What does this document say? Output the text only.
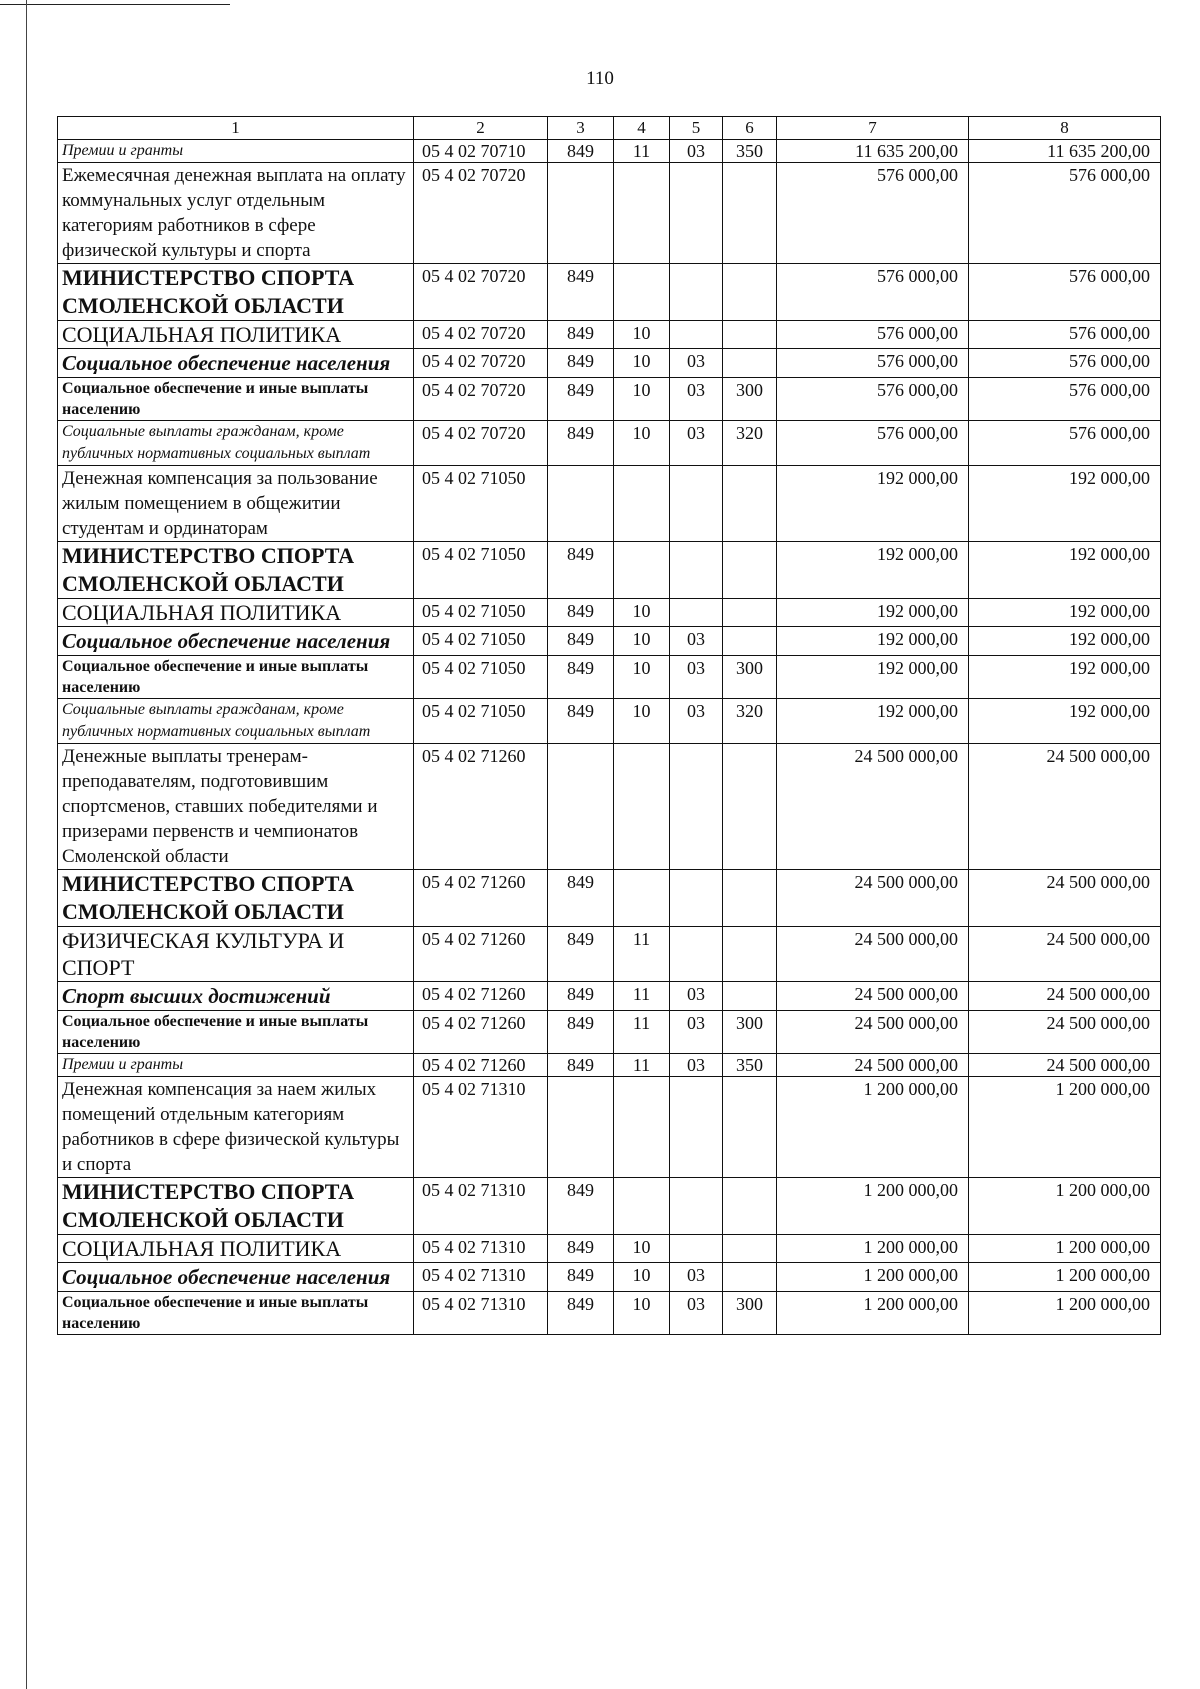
110
1	2	3	4	5	6	7	8
Премии и гранты	05 4 02 70710	849	11	03	350	11 635 200,00	11 635 200,00
Ежемесячная денежная выплата на оплату коммунальных услуг отдельным категориям работников в сфере физической культуры и спорта	05 4 02 70720					576 000,00	576 000,00
МИНИСТЕРСТВО СПОРТА СМОЛЕНСКОЙ ОБЛАСТИ	05 4 02 70720	849				576 000,00	576 000,00
СОЦИАЛЬНАЯ ПОЛИТИКА	05 4 02 70720	849	10			576 000,00	576 000,00
Социальное обеспечение населения	05 4 02 70720	849	10	03		576 000,00	576 000,00
Социальное обеспечение и иные выплаты населению	05 4 02 70720	849	10	03	300	576 000,00	576 000,00
Социальные выплаты гражданам, кроме публичных нормативных социальных выплат	05 4 02 70720	849	10	03	320	576 000,00	576 000,00
Денежная компенсация за пользование жилым помещением в общежитии студентам и ординаторам	05 4 02 71050					192 000,00	192 000,00
МИНИСТЕРСТВО СПОРТА СМОЛЕНСКОЙ ОБЛАСТИ	05 4 02 71050	849				192 000,00	192 000,00
СОЦИАЛЬНАЯ ПОЛИТИКА	05 4 02 71050	849	10			192 000,00	192 000,00
Социальное обеспечение населения	05 4 02 71050	849	10	03		192 000,00	192 000,00
Социальное обеспечение и иные выплаты населению	05 4 02 71050	849	10	03	300	192 000,00	192 000,00
Социальные выплаты гражданам, кроме публичных нормативных социальных выплат	05 4 02 71050	849	10	03	320	192 000,00	192 000,00
Денежные выплаты тренерам-преподавателям, подготовившим спортсменов, ставших победителями и призерами первенств и чемпионатов Смоленской области	05 4 02 71260					24 500 000,00	24 500 000,00
МИНИСТЕРСТВО СПОРТА СМОЛЕНСКОЙ ОБЛАСТИ	05 4 02 71260	849				24 500 000,00	24 500 000,00
ФИЗИЧЕСКАЯ КУЛЬТУРА И СПОРТ	05 4 02 71260	849	11			24 500 000,00	24 500 000,00
Спорт высших достижений	05 4 02 71260	849	11	03		24 500 000,00	24 500 000,00
Социальное обеспечение и иные выплаты населению	05 4 02 71260	849	11	03	300	24 500 000,00	24 500 000,00
Премии и гранты	05 4 02 71260	849	11	03	350	24 500 000,00	24 500 000,00
Денежная компенсация за наем жилых помещений отдельным категориям работников в сфере физической культуры и спорта	05 4 02 71310					1 200 000,00	1 200 000,00
МИНИСТЕРСТВО СПОРТА СМОЛЕНСКОЙ ОБЛАСТИ	05 4 02 71310	849				1 200 000,00	1 200 000,00
СОЦИАЛЬНАЯ ПОЛИТИКА	05 4 02 71310	849	10			1 200 000,00	1 200 000,00
Социальное обеспечение населения	05 4 02 71310	849	10	03		1 200 000,00	1 200 000,00
Социальное обеспечение и иные выплаты населению	05 4 02 71310	849	10	03	300	1 200 000,00	1 200 000,00
